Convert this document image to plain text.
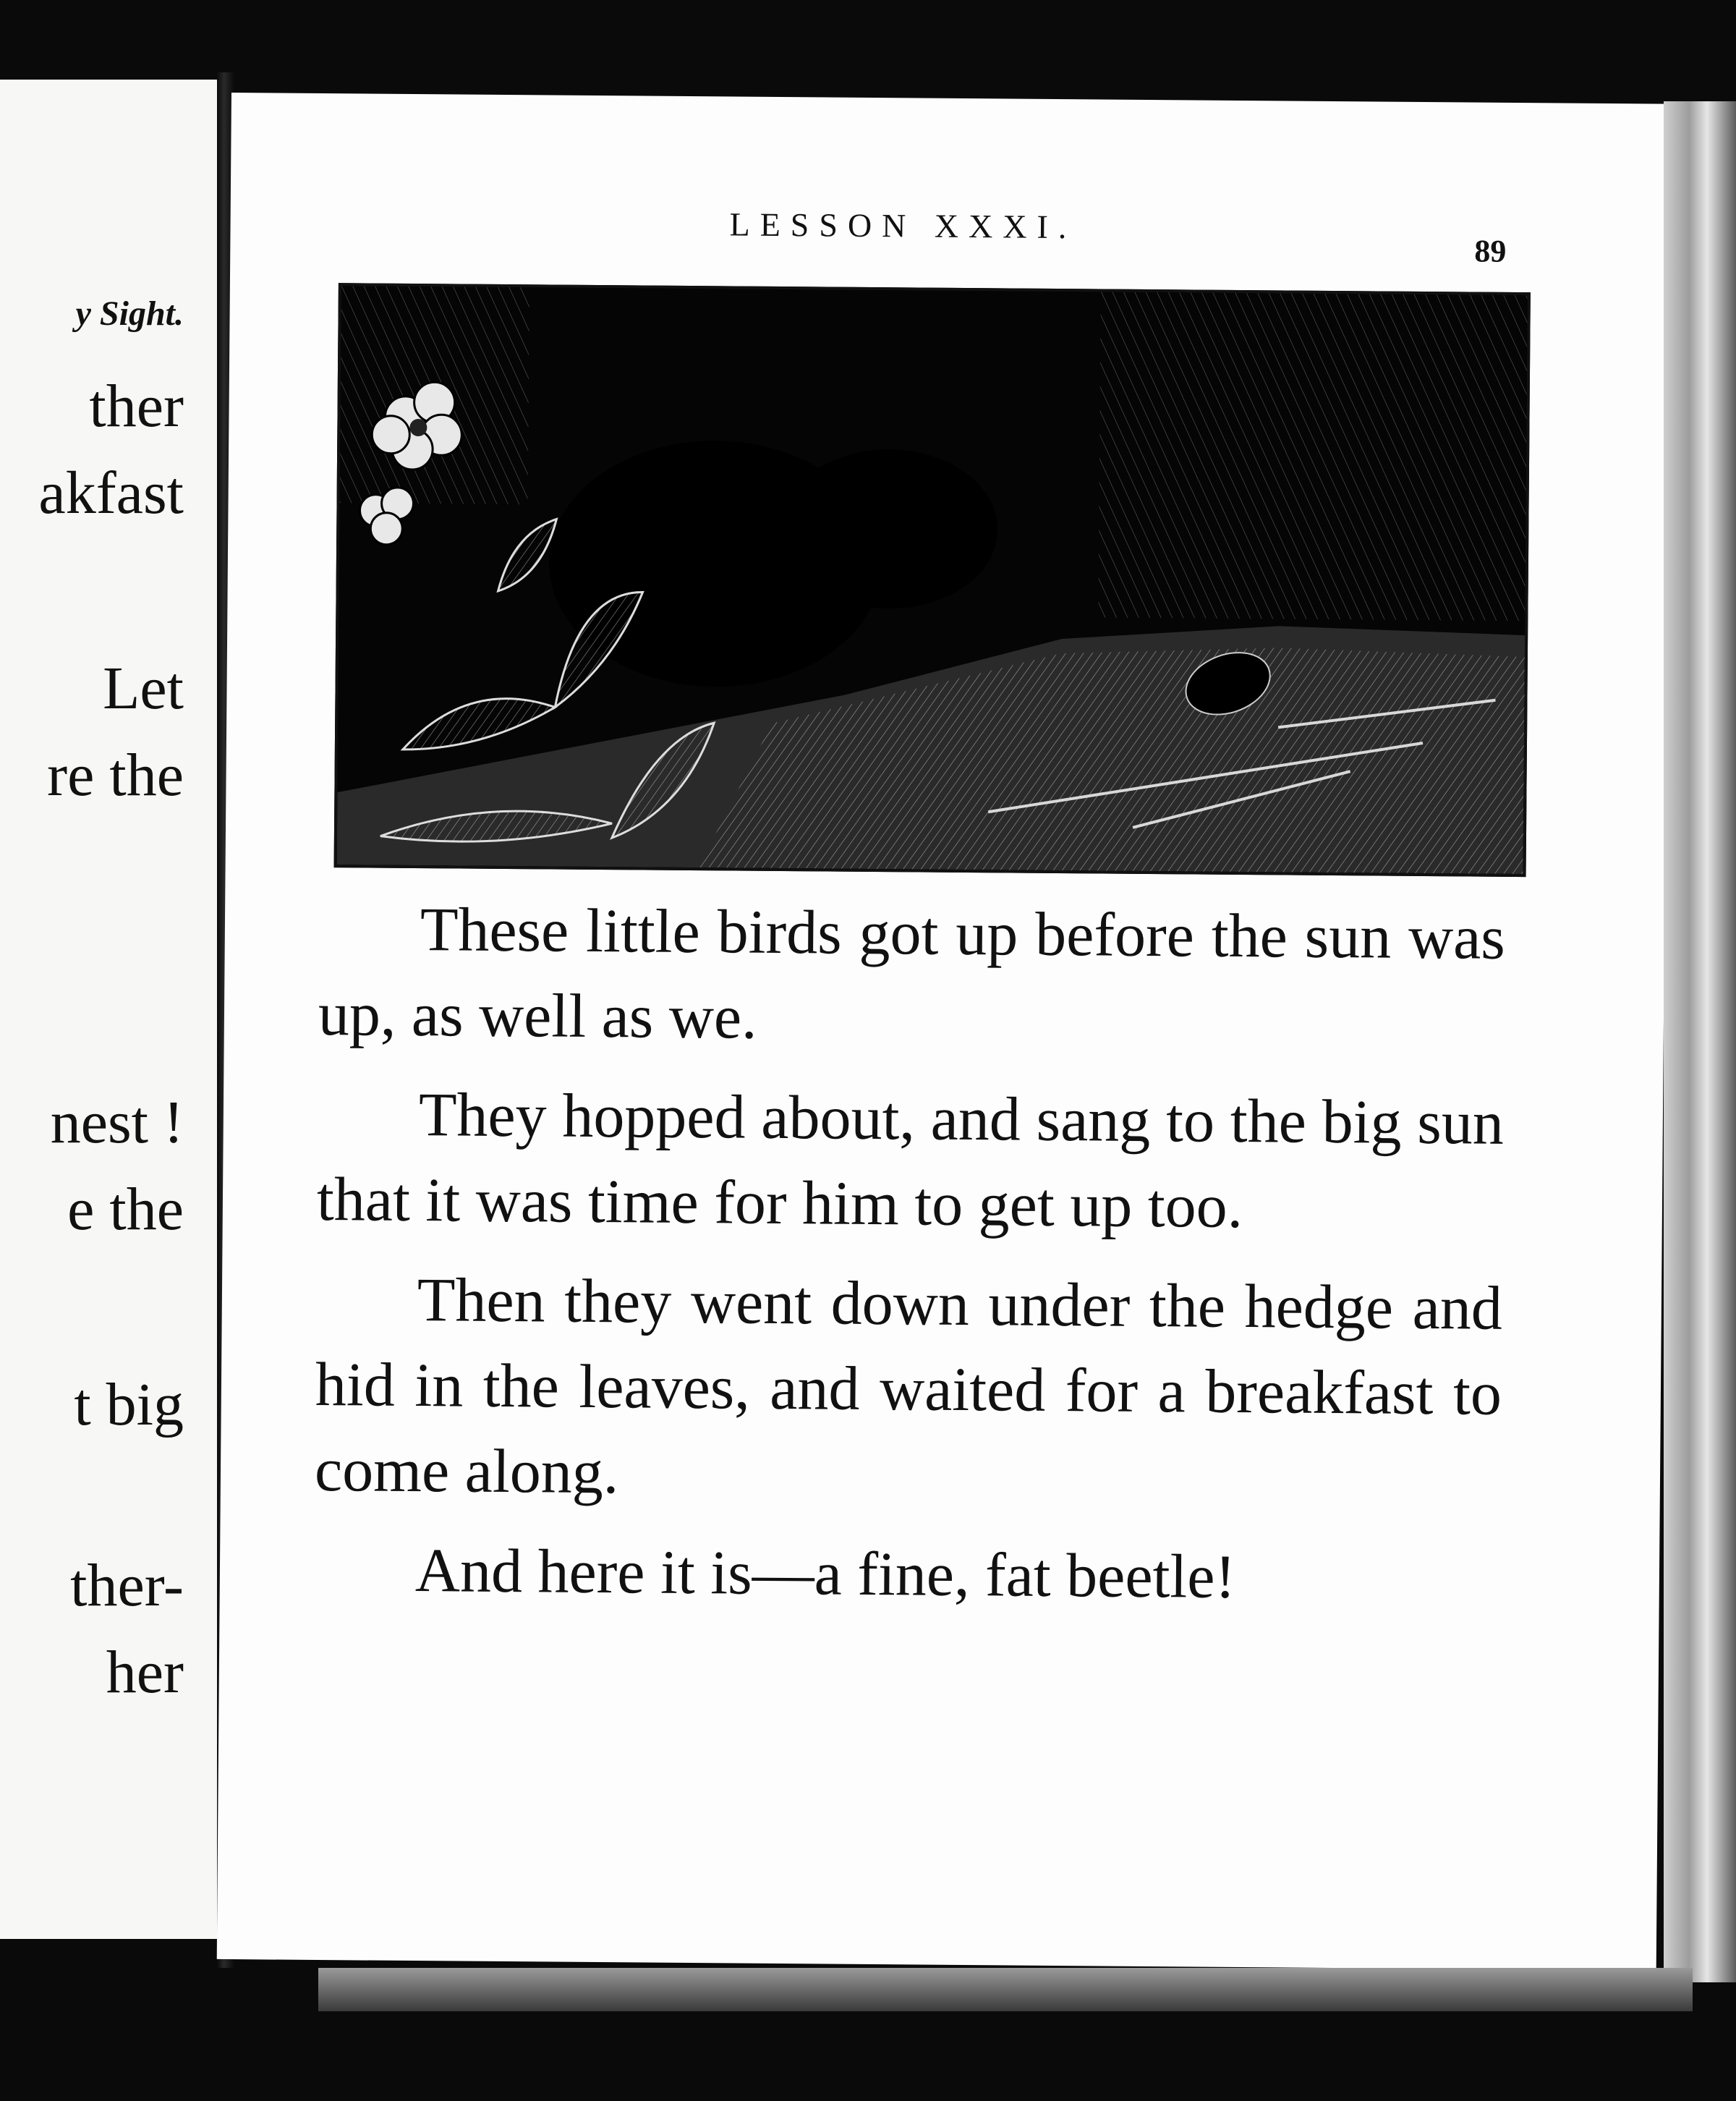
y Sight.
ther
akfast
Let
re the
nest !
e the
t big
ther-
her
LESSON XXXI.
89

These little birds got up before the sun was up, as well as we.

They hopped about, and sang to the big sun that it was time for him to get up too.

Then they went down under the hedge and hid in the leaves, and waited for a breakfast to come along.

And here it is—a fine, fat beetle!
